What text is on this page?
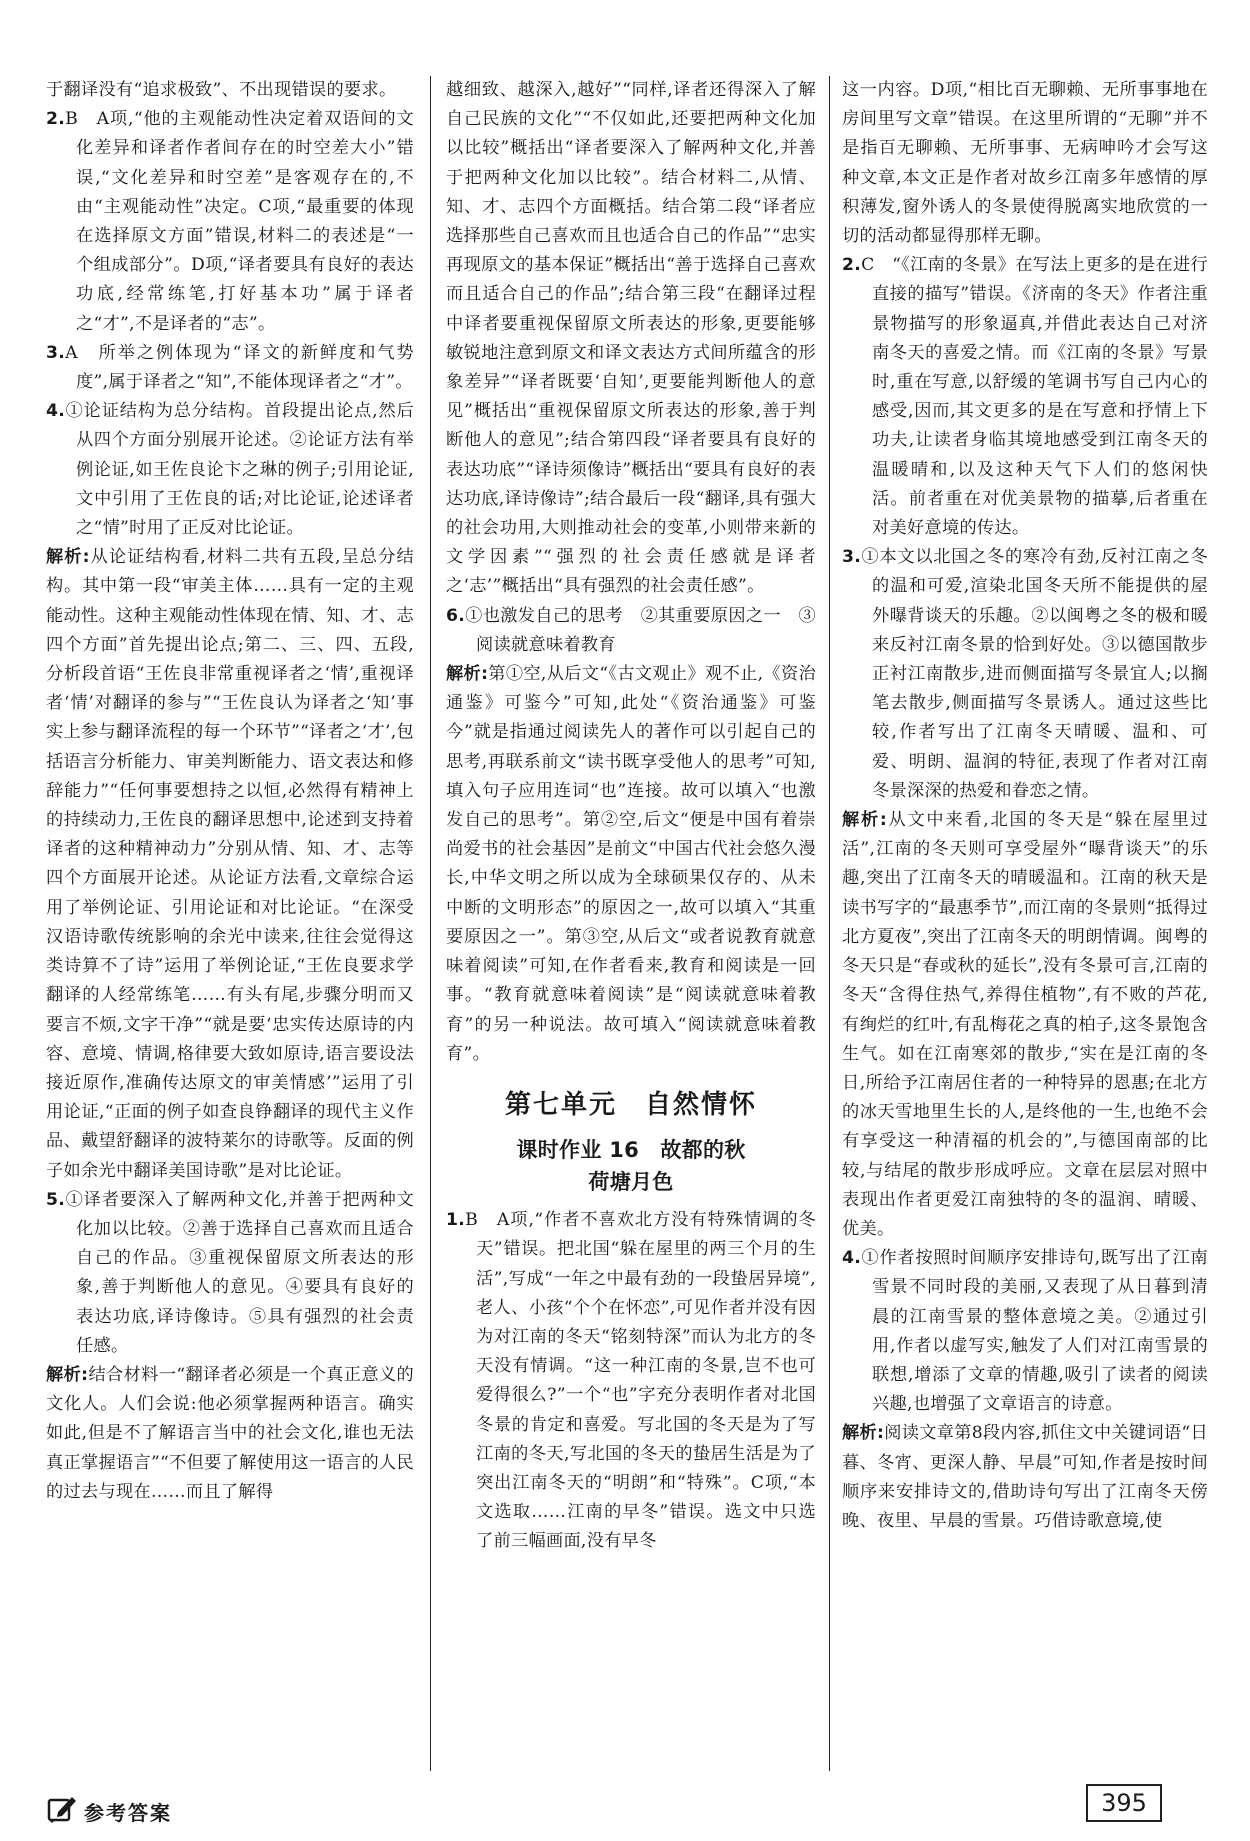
于翻译没有“追求极致”、不出现错误的要求。

2.B　A项,“他的主观能动性决定着双语间的文化差异和译者作者间存在的时空差大小”错误,“文化差异和时空差”是客观存在的,不由“主观能动性”决定。C项,“最重要的体现在选择原文方面”错误,材料二的表述是“一个组成部分”。D项,“译者要具有良好的表达功底,经常练笔,打好基本功”属于译者之“才”,不是译者的“志”。

3.A　所举之例体现为“译文的新鲜度和气势度”,属于译者之“知”,不能体现译者之“才”。

4.①论证结构为总分结构。首段提出论点,然后从四个方面分别展开论述。②论证方法有举例论证,如王佐良论卞之琳的例子;引用论证,文中引用了王佐良的话;对比论证,论述译者之“情”时用了正反对比论证。

解析:从论证结构看,材料二共有五段,呈总分结构。其中第一段“审美主体……具有一定的主观能动性。这种主观能动性体现在情、知、才、志四个方面”首先提出论点;第二、三、四、五段,分析段首语“王佐良非常重视译者之‘情’,重视译者‘情’对翻译的参与”“王佐良认为译者之‘知’事实上参与翻译流程的每一个环节”“译者之‘才’,包括语言分析能力、审美判断能力、语文表达和修辞能力”“任何事要想持之以恒,必然得有精神上的持续动力,王佐良的翻译思想中,论述到支持着译者的这种精神动力”分别从情、知、才、志等四个方面展开论述。从论证方法看,文章综合运用了举例论证、引用论证和对比论证。“在深受汉语诗歌传统影响的余光中读来,往往会觉得这类诗算不了诗”运用了举例论证,“王佐良要求学翻译的人经常练笔……有头有尾,步骤分明而又要言不烦,文字干净”“就是要‘忠实传达原诗的内容、意境、情调,格律要大致如原诗,语言要设法接近原作,准确传达原文的审美情感’”运用了引用论证,“正面的例子如查良铮翻译的现代主义作品、戴望舒翻译的波特莱尔的诗歌等。反面的例子如余光中翻译美国诗歌”是对比论证。

5.①译者要深入了解两种文化,并善于把两种文化加以比较。②善于选择自己喜欢而且适合自己的作品。③重视保留原文所表达的形象,善于判断他人的意见。④要具有良好的表达功底,译诗像诗。⑤具有强烈的社会责任感。

解析:结合材料一“翻译者必须是一个真正意义的文化人。人们会说:他必须掌握两种语言。确实如此,但是不了解语言当中的社会文化,谁也无法真正掌握语言”“不但要了解使用这一语言的人民的过去与现在……而且了解得

越细致、越深入,越好”“同样,译者还得深入了解自己民族的文化”“不仅如此,还要把两种文化加以比较”概括出“译者要深入了解两种文化,并善于把两种文化加以比较”。结合材料二,从情、知、才、志四个方面概括。结合第二段“译者应选择那些自己喜欢而且也适合自己的作品”“忠实再现原文的基本保证”概括出“善于选择自己喜欢而且适合自己的作品”;结合第三段“在翻译过程中译者要重视保留原文所表达的形象,更要能够敏锐地注意到原文和译文表达方式间所蕴含的形象差异”“译者既要‘自知’,更要能判断他人的意见”概括出“重视保留原文所表达的形象,善于判断他人的意见”;结合第四段“译者要具有良好的表达功底”“译诗须像诗”概括出“要具有良好的表达功底,译诗像诗”;结合最后一段“翻译,具有强大的社会功用,大则推动社会的变革,小则带来新的文学因素”“强烈的社会责任感就是译者之‘志’”概括出“具有强烈的社会责任感”。

6.①也激发自己的思考　②其重要原因之一　③阅读就意味着教育

解析:第①空,从后文“《古文观止》观不止,《资治通鉴》可鉴今”可知,此处“《资治通鉴》可鉴今”就是指通过阅读先人的著作可以引起自己的思考,再联系前文“读书既享受他人的思考”可知,填入句子应用连词“也”连接。故可以填入“也激发自己的思考”。第②空,后文“便是中国有着崇尚爱书的社会基因”是前文“中国古代社会悠久漫长,中华文明之所以成为全球硕果仅存的、从未中断的文明形态”的原因之一,故可以填入“其重要原因之一”。第③空,从后文“或者说教育就意味着阅读”可知,在作者看来,教育和阅读是一回事。“教育就意味着阅读”是“阅读就意味着教育”的另一种说法。故可填入“阅读就意味着教育”。

第七单元　自然情怀
课时作业 16　故都的秋
荷塘月色

1.B　A项,“作者不喜欢北方没有特殊情调的冬天”错误。把北国“躲在屋里的两三个月的生活”,写成“一年之中最有劲的一段蛰居异境”,老人、小孩“个个在怀恋”,可见作者并没有因为对江南的冬天“铭刻特深”而认为北方的冬天没有情调。“这一种江南的冬景,岂不也可爱得很么?”一个“也”字充分表明作者对北国冬景的肯定和喜爱。写北国的冬天是为了写江南的冬天,写北国的冬天的蛰居生活是为了突出江南冬天的“明朗”和“特殊”。C项,“本文选取……江南的早冬”错误。选文中只选了前三幅画面,没有早冬

这一内容。D项,“相比百无聊赖、无所事事地在房间里写文章”错误。在这里所谓的“无聊”并不是指百无聊赖、无所事事、无病呻吟才会写这种文章,本文正是作者对故乡江南多年感情的厚积薄发,窗外诱人的冬景使得脱离实地欣赏的一切的活动都显得那样无聊。

2.C　“《江南的冬景》在写法上更多的是在进行直接的描写”错误。《济南的冬天》作者注重景物描写的形象逼真,并借此表达自己对济南冬天的喜爱之情。而《江南的冬景》写景时,重在写意,以舒缓的笔调书写自己内心的感受,因而,其文更多的是在写意和抒情上下功夫,让读者身临其境地感受到江南冬天的温暖晴和,以及这种天气下人们的悠闲快活。前者重在对优美景物的描摹,后者重在对美好意境的传达。

3.①本文以北国之冬的寒冷有劲,反衬江南之冬的温和可爱,渲染北国冬天所不能提供的屋外曝背谈天的乐趣。②以闽粤之冬的极和暖来反衬江南冬景的恰到好处。③以德国散步正衬江南散步,进而侧面描写冬景宜人;以搁笔去散步,侧面描写冬景诱人。通过这些比较,作者写出了江南冬天晴暖、温和、可爱、明朗、温润的特征,表现了作者对江南冬景深深的热爱和眷恋之情。

解析:从文中来看,北国的冬天是“躲在屋里过活”,江南的冬天则可享受屋外“曝背谈天”的乐趣,突出了江南冬天的晴暖温和。江南的秋天是读书写字的“最惠季节”,而江南的冬景则“抵得过北方夏夜”,突出了江南冬天的明朗情调。闽粤的冬天只是“春或秋的延长”,没有冬景可言,江南的冬天“含得住热气,养得住植物”,有不败的芦花,有绚烂的红叶,有乱梅花之真的柏子,这冬景饱含生气。如在江南寒郊的散步,“实在是江南的冬日,所给予江南居住者的一种特异的恩惠;在北方的冰天雪地里生长的人,是终他的一生,也绝不会有享受这一种清福的机会的”,与德国南部的比较,与结尾的散步形成呼应。文章在层层对照中表现出作者更爱江南独特的冬的温润、晴暖、优美。

4.①作者按照时间顺序安排诗句,既写出了江南雪景不同时段的美丽,又表现了从日暮到清晨的江南雪景的整体意境之美。②通过引用,作者以虚写实,触发了人们对江南雪景的联想,增添了文章的情趣,吸引了读者的阅读兴趣,也增强了文章语言的诗意。

解析:阅读文章第8段内容,抓住文中关键词语“日暮、冬宵、更深人静、早晨”可知,作者是按时间顺序来安排诗文的,借助诗句写出了江南冬天傍晚、夜里、早晨的雪景。巧借诗歌意境,使

参考答案	395
